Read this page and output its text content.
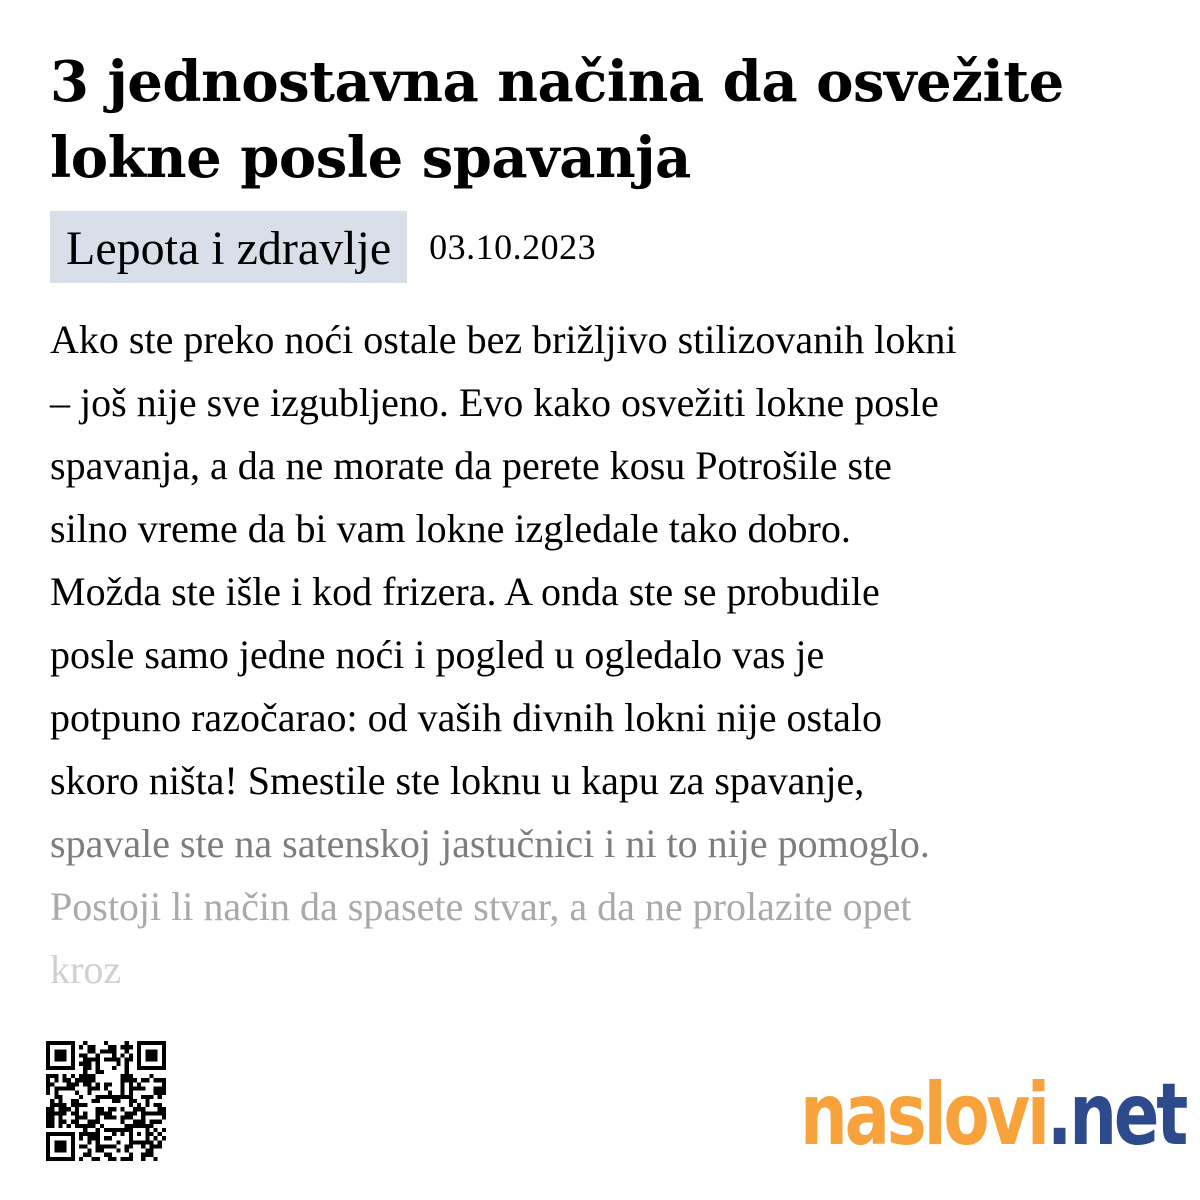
3 jednostavna načina da osvežite lokne posle spavanja
Lepota i zdravlje	03.10.2023
Ako ste preko noći ostale bez brižljivo stilizovanih lokni
– još nije sve izgubljeno. Evo kako osvežiti lokne posle
spavanja, a da ne morate da perete kosu Potrošile ste
silno vreme da bi vam lokne izgledale tako dobro.
Možda ste išle i kod frizera. A onda ste se probudile
posle samo jedne noći i pogled u ogledalo vas je
potpuno razočarao: od vaših divnih lokni nije ostalo
skoro ništa! Smestile ste loknu u kapu za spavanje,
spavale ste na satenskoj jastučnici i ni to nije pomoglo.
Postoji li način da spasete stvar, a da ne prolazite opet
kroz
naslovi.net
